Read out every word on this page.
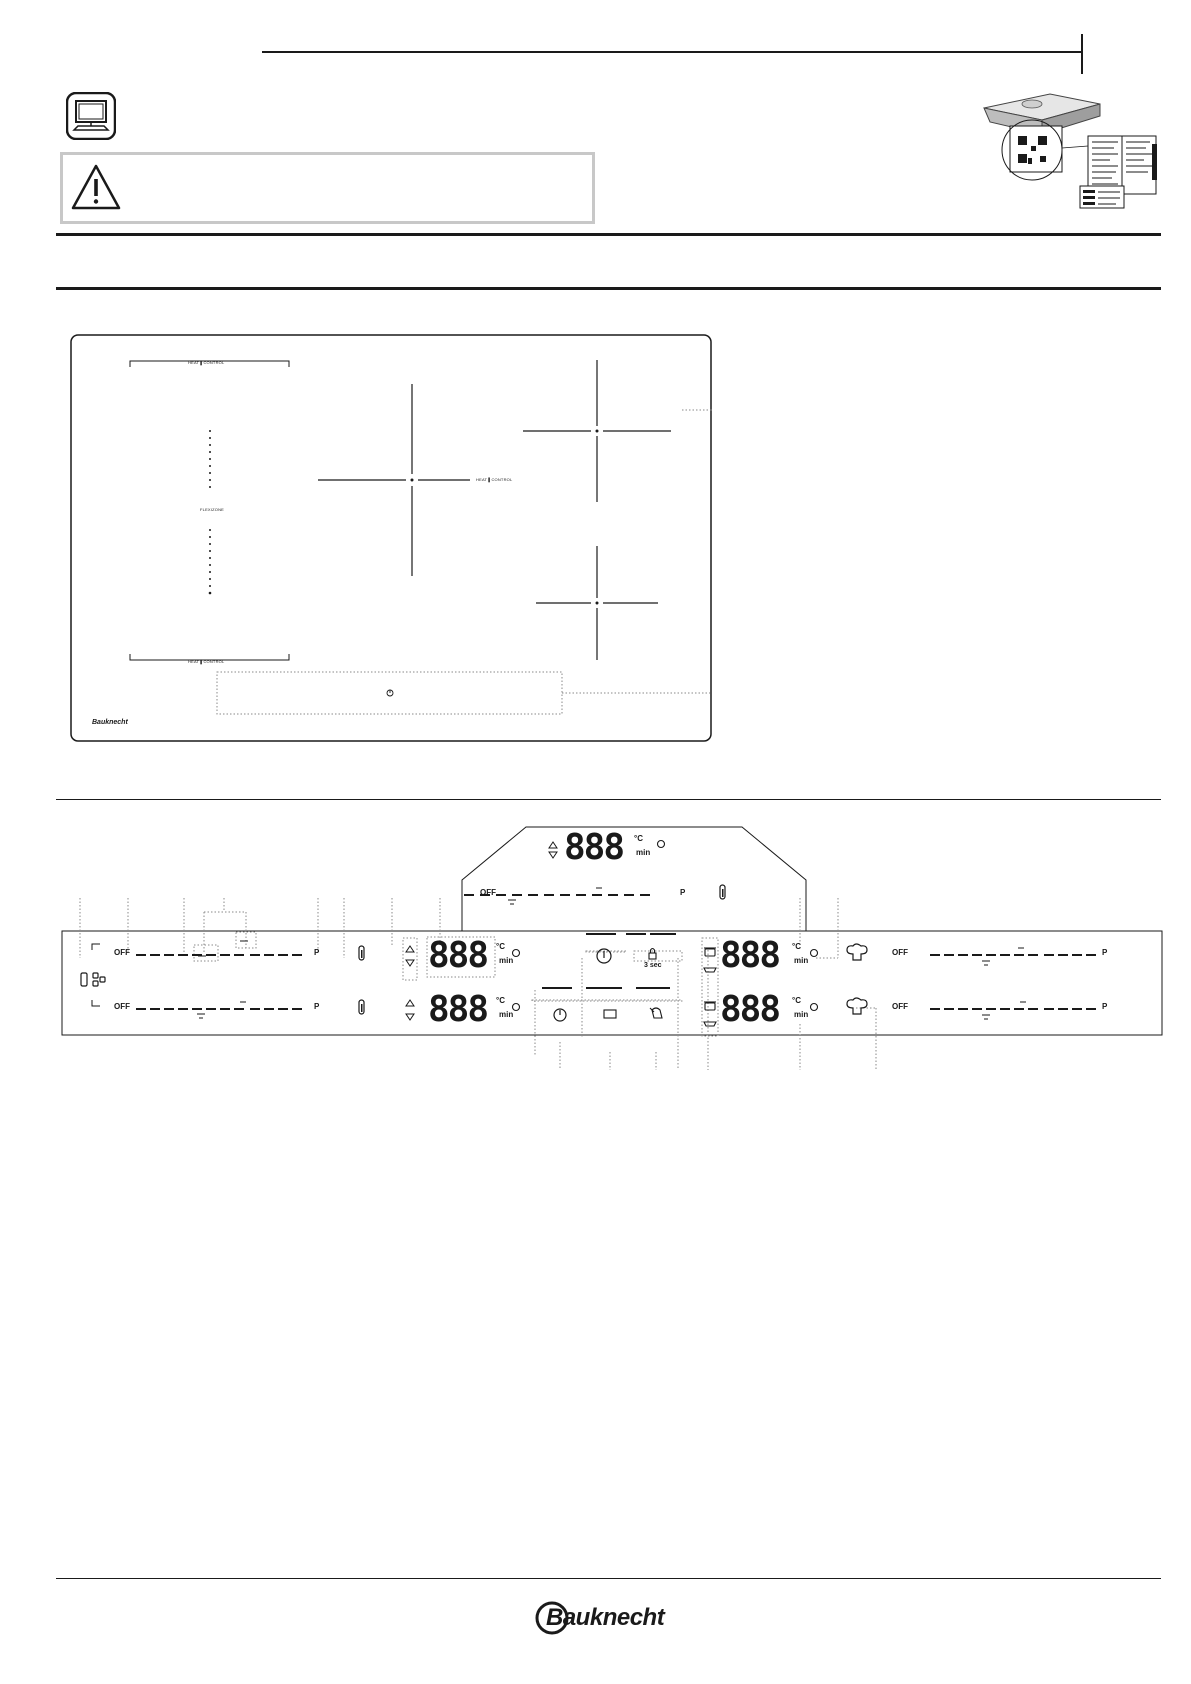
HEAT ▌CONTROL
HEAT ▌CONTROL
HEAT ▌CONTROL
FLEXIZONE
Bauknecht
OFF	P
888 °C
min
OFF	P
OFF	P
888 °C
min
888 °C
min
3 sec 888 °C
min
888 °C
min
OFF	P
OFF	P
Bauknecht
